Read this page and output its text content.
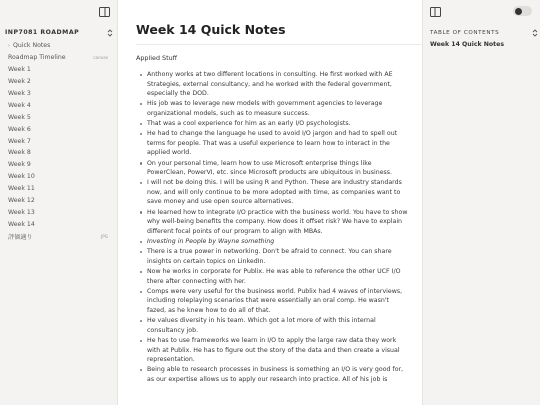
INP7081 ROADMAP
› Quick Notes
Roadmap Timeline	canvas
Week 1
Week 2
Week 3
Week 4
Week 5
Week 6
Week 7
Week 8
Week 9
Week 10
Week 11
Week 12
Week 13
Week 14
評価適り	JPG
Week 14 Quick Notes
Applied Stuff
Anthony works at two different locations in consulting. He first worked with AE Strategies, external consultancy, and he worked with the federal government, especially the DOD.
His job was to leverage new models with government agencies to leverage organizational models, such as to measure success.
That was a cool experience for him as an early I/O psychologists.
He had to change the language he used to avoid I/O jargon and had to spell out terms for people. That was a useful experience to learn how to interact in the applied world.
On your personal time, learn how to use Microsoft enterprise things like PowerClean, PowerVI, etc. since Microsoft products are ubiquitous in business.
I will not be doing this. I will be using R and Python. These are industry standards now, and will only continue to be more adopted with time, as companies want to save money and use open source alternatives.
He learned how to integrate I/O practice with the business world. You have to show why well-being benefits the company. How does it offset risk? We have to explain different focal points of our program to align with MBAs.
Investing in People by Wayne something
There is a true power in networking. Don't be afraid to connect. You can share insights on certain topics on LinkedIn.
Now he works in corporate for Publix. He was able to reference the other UCF I/O there after connecting with her.
Comps were very useful for the business world. Publix had 4 waves of interviews, including roleplaying scenarios that were essentially an oral comp. He wasn't fazed, as he knew how to do all of that.
He values diversity in his team. Which got a lot more of with this internal consultancy job.
He has to use frameworks we learn in I/O to apply the large raw data they work with at Publix. He has to figure out the story of the data and then create a visual representation.
Being able to research processes in business is something an I/O is very good for, as our expertise allows us to apply our research into practice. All of his job is
TABLE OF CONTENTS
Week 14 Quick Notes
